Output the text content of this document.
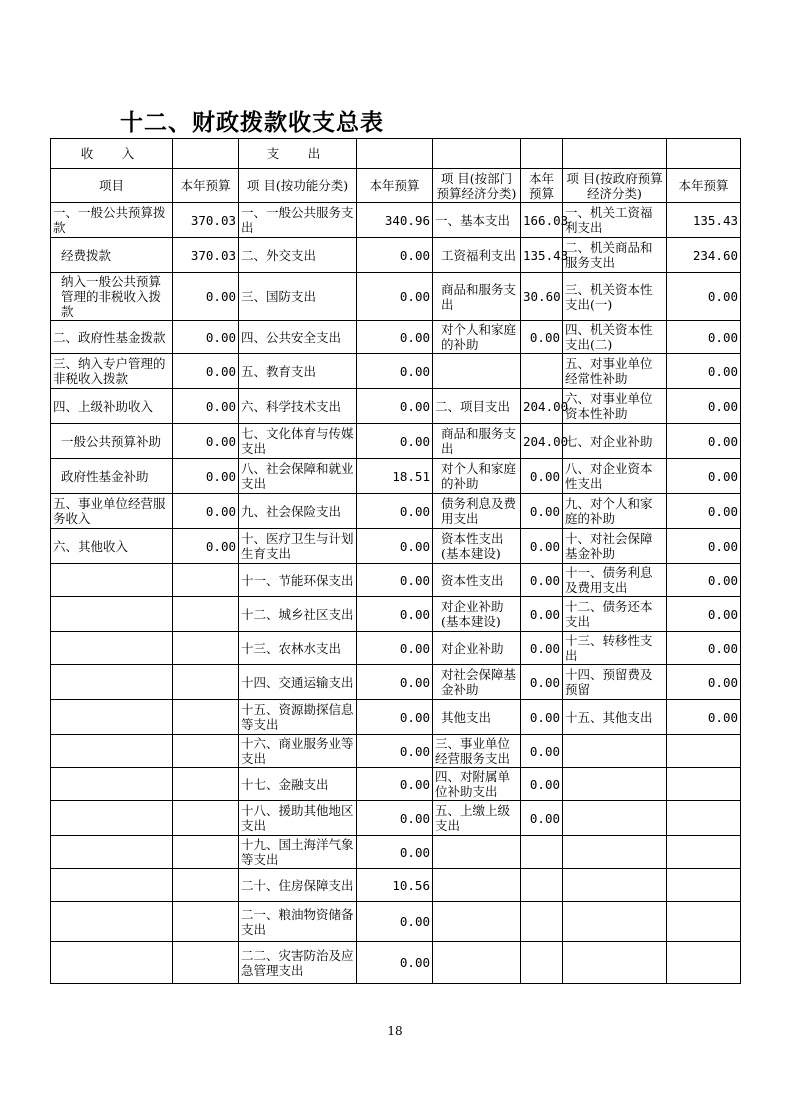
十二、财政拨款收支总表
收　入		支　出					
项目	本年预算	项 目(按功能分类)	本年预算	项 目(按部门预算经济分类)	本年预算	项 目(按政府预算经济分类)	本年预算
一、一般公共预算拨款	370.03	一、一般公共服务支出	340.96	一、基本支出	166.03	一、机关工资福利支出	135.43
经费拨款	370.03	二、外交支出	0.00	工资福利支出	135.43	二、机关商品和服务支出	234.60
纳入一般公共预算管理的非税收入拨款	0.00	三、国防支出	0.00	商品和服务支出	30.60	三、机关资本性支出(一)	0.00
二、政府性基金拨款	0.00	四、公共安全支出	0.00	对个人和家庭的补助	0.00	四、机关资本性支出(二)	0.00
三、纳入专户管理的非税收入拨款	0.00	五、教育支出	0.00			五、对事业单位经常性补助	0.00
四、上级补助收入	0.00	六、科学技术支出	0.00	二、项目支出	204.00	六、对事业单位资本性补助	0.00
一般公共预算补助	0.00	七、文化体育与传媒支出	0.00	商品和服务支出	204.00	七、对企业补助	0.00
政府性基金补助	0.00	八、社会保障和就业支出	18.51	对个人和家庭的补助	0.00	八、对企业资本性支出	0.00
五、事业单位经营服务收入	0.00	九、社会保险支出	0.00	债务利息及费用支出	0.00	九、对个人和家庭的补助	0.00
六、其他收入	0.00	十、医疗卫生与计划生育支出	0.00	资本性支出(基本建设)	0.00	十、对社会保障基金补助	0.00
		十一、节能环保支出	0.00	资本性支出	0.00	十一、债务利息及费用支出	0.00
		十二、城乡社区支出	0.00	对企业补助(基本建设)	0.00	十二、债务还本支出	0.00
		十三、农林水支出	0.00	对企业补助	0.00	十三、转移性支出	0.00
		十四、交通运输支出	0.00	对社会保障基金补助	0.00	十四、预留费及预留	0.00
		十五、资源勘探信息等支出	0.00	其他支出	0.00	十五、其他支出	0.00
		十六、商业服务业等支出	0.00	三、事业单位经营服务支出	0.00		
		十七、金融支出	0.00	四、对附属单位补助支出	0.00		
		十八、援助其他地区支出	0.00	五、上缴上级支出	0.00		
		十九、国土海洋气象等支出	0.00				
		二十、住房保障支出	10.56				
		二一、粮油物资储备支出	0.00				
		二二、灾害防治及应急管理支出	0.00				
18
